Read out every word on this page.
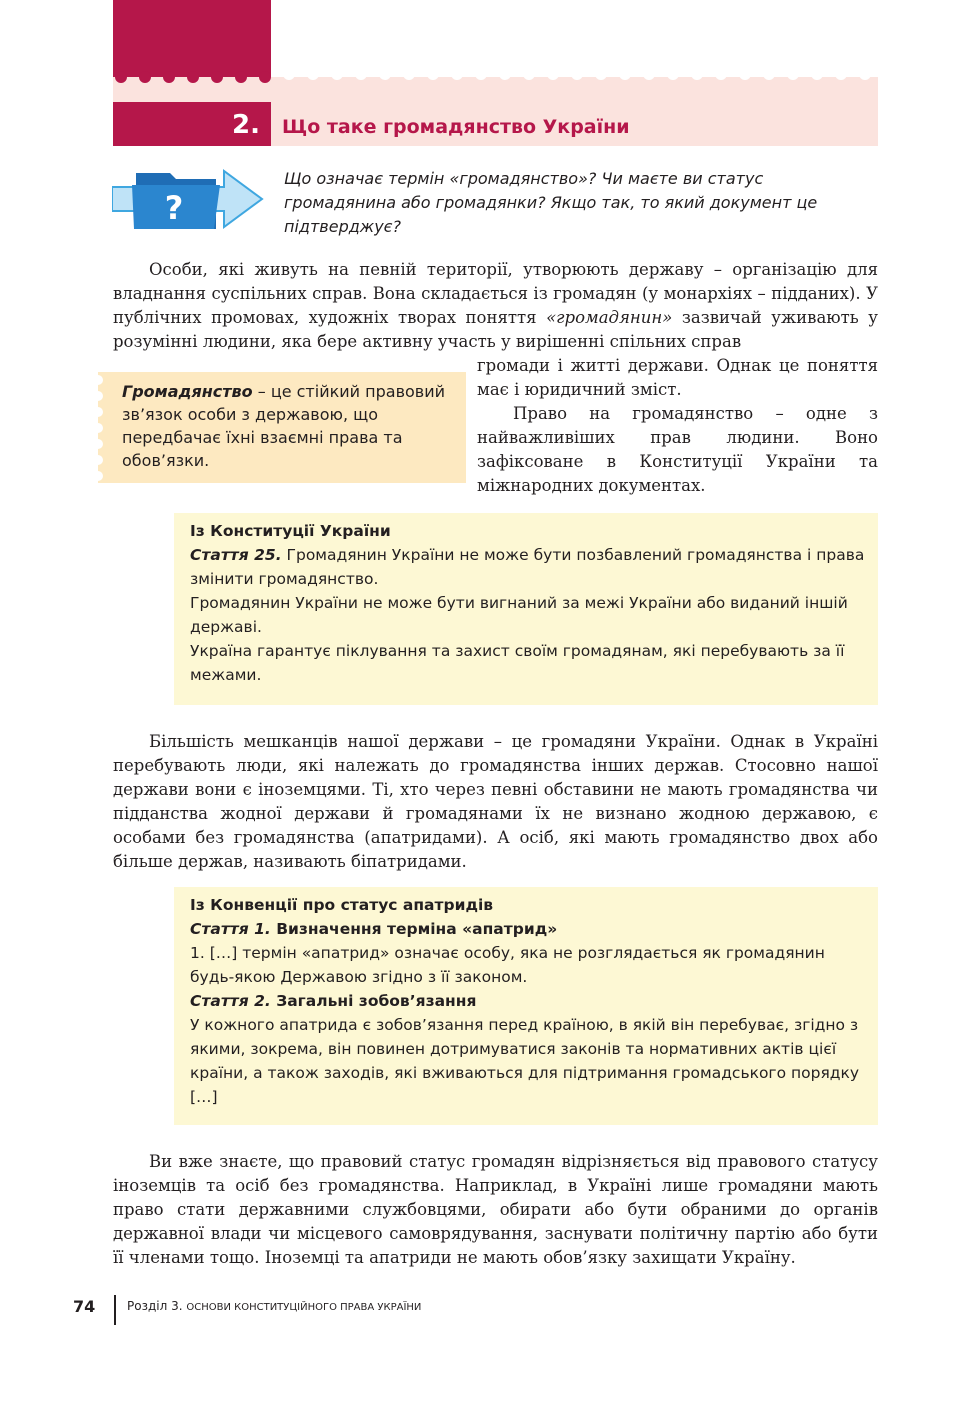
2. Що таке громадянство України
?
Що означає термін «громадянство»? Чи маєте ви статус громадянина або громадянки? Якщо так, то який документ це підтверджує?
Особи, які живуть на певній території, утворюють державу – організацію для владнання суспільних справ. Вона складається із громадян (у монархіях – підданих). У публічних промовах, художніх творах поняття «громадянин» зазвичай уживають у розумінні людини, яка бере активну участь у вирішенні спільних справ
громади і житті держави. Однак це поняття має і юридичний зміст.
Громадянство – це стійкий правовий зв’язок особи з державою, що передбачає їхні взаємні права та обов’язки.
Право на громадянство – одне з найважливіших прав людини. Воно зафіксоване в Конституції України та міжнародних документах.
Із Конституції України
Стаття 25. Громадянин України не може бути позбавлений громадянства і права змінити громадянство.
Громадянин України не може бути вигнаний за межі України або виданий іншій державі.
Україна гарантує піклування та захист своїм громадянам, які перебувають за її межами.
Більшість мешканців нашої держави – це громадяни України. Однак в Україні перебувають люди, які належать до громадянства інших держав. Стосовно нашої держави вони є іноземцями. Ті, хто через певні обставини не мають громадянства чи підданства жодної держави й громадянами їх не визнано жодною державою, є особами без громадянства (апатридами). А осіб, які мають громадянство двох або більше держав, називають біпатридами.
Із Конвенції про статус апатридів
Стаття 1. Визначення терміна «апатрид»
1. […] термін «апатрид» означає особу, яка не розглядається як громадянин будь-якою Державою згідно з її законом.
Стаття 2. Загальні зобов’язання
У кожного апатрида є зобов’язання перед країною, в якій він перебуває, згідно з якими, зокрема, він повинен дотримуватися законів та нормативних актів цієї країни, а також заходів, які вживаються для підтримання громадського порядку […]
Ви вже знаєте, що правовий статус громадян відрізняється від правового статусу іноземців та осіб без громадянства. Наприклад, в Україні лише громадяни мають право стати державними службовцями, обирати або бути обраними до органів державної влади чи місцевого самоврядування, заснувати політичну партію або бути її членами тощо. Іноземці та апатриди не мають обов’язку захищати Україну.
74	Розділ 3. ОСНОВИ КОНСТИТУЦІЙНОГО ПРАВА УКРАЇНИ
